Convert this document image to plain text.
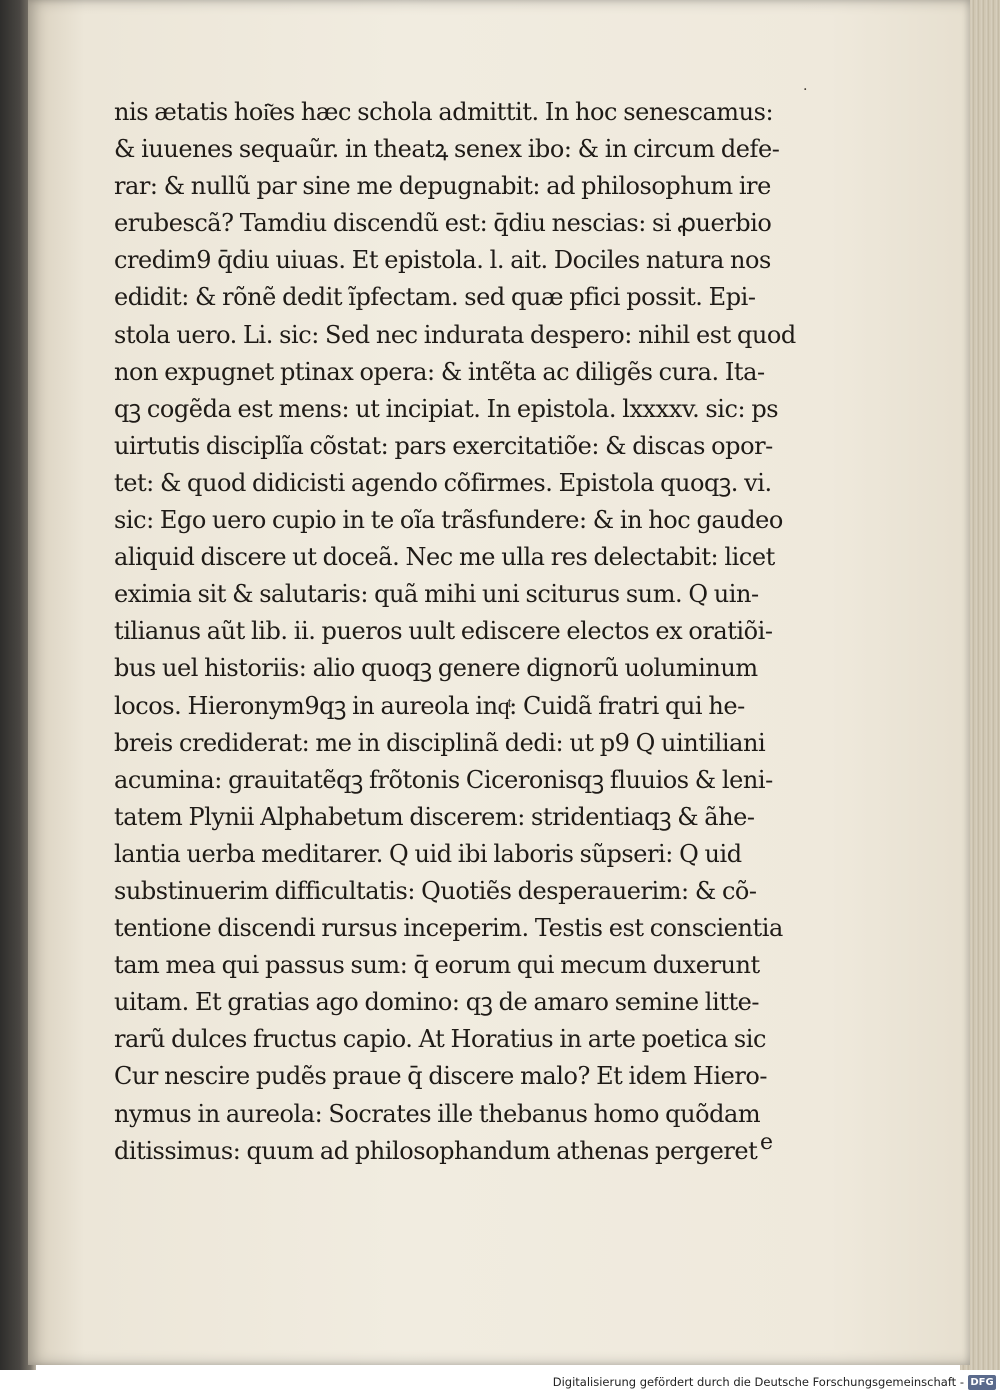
.
nis ætatis hoi͂es hæc schola admittit. In hoc senescamus:
& iuuenes sequaũr. in theatꝝ senex ibo: & in circum defe-
rar: & nullũ par sine me depugnabit: ad philosophum ire
erubescã? Tamdiu discendũ est: q̄diu nescias: si ꝓuerbio
credim9 q̄diu uiuas. Et epistola. l. ait. Dociles natura nos
edidit: & rõnẽ dedit ĩpfectam. sed quæ pfici possit. Epi-
stola uero. Li. sic: Sed nec indurata despero: nihil est quod
non expugnet ptinax opera: & intẽta ac diligẽs cura. Ita-
qꝫ cogẽda est mens: ut incipiat. In epistola. lxxxxv. sic: ps
uirtutis disciplĩa cõstat: pars exercitatiõe: & discas opor-
tet: & quod didicisti agendo cõfirmes. Epistola quoqꝫ. vi.
sic: Ego uero cupio in te oĩa trãsfundere: & in hoc gaudeo
aliquid discere ut doceã. Nec me ulla res delectabit: licet
eximia sit & salutaris: quã mihi uni sciturus sum. Q uin-
tilianus aũt lib. ii. pueros uult ediscere electos ex oratiõi-
bus uel historiis: alio quoqꝫ genere dignorũ uoluminum
locos. Hieronym9qꝫ in aureola inqͭ: Cuidã fratri qui he-
breis crediderat: me in disciplinã dedi: ut p9 Q uintiliani
acumina: grauitatẽqꝫ frõtonis Ciceronisqꝫ fluuios & leni-
tatem Plynii Alphabetum discerem: stridentiaqꝫ & ãhe-
lantia uerba meditarer. Q uid ibi laboris sũpseri: Q uid
substinuerim difficultatis: Quotiẽs desperauerim: & cõ-
tentione discendi rursus inceperim. Testis est conscientia
tam mea qui passus sum: q̄ eorum qui mecum duxerunt
uitam. Et gratias ago domino: qꝫ de amaro semine litte-
rarũ dulces fructus capio. At Horatius in arte poetica sic
Cur nescire pudẽs praue q̄ discere malo? Et idem Hiero-
nymus in aureola: Socrates ille thebanus homo quõdam
ditissimus: quum ad philosophandum athenas pergeret e
Digitalisierung gefördert durch die Deutsche Forschungsgemeinschaft - DFG
